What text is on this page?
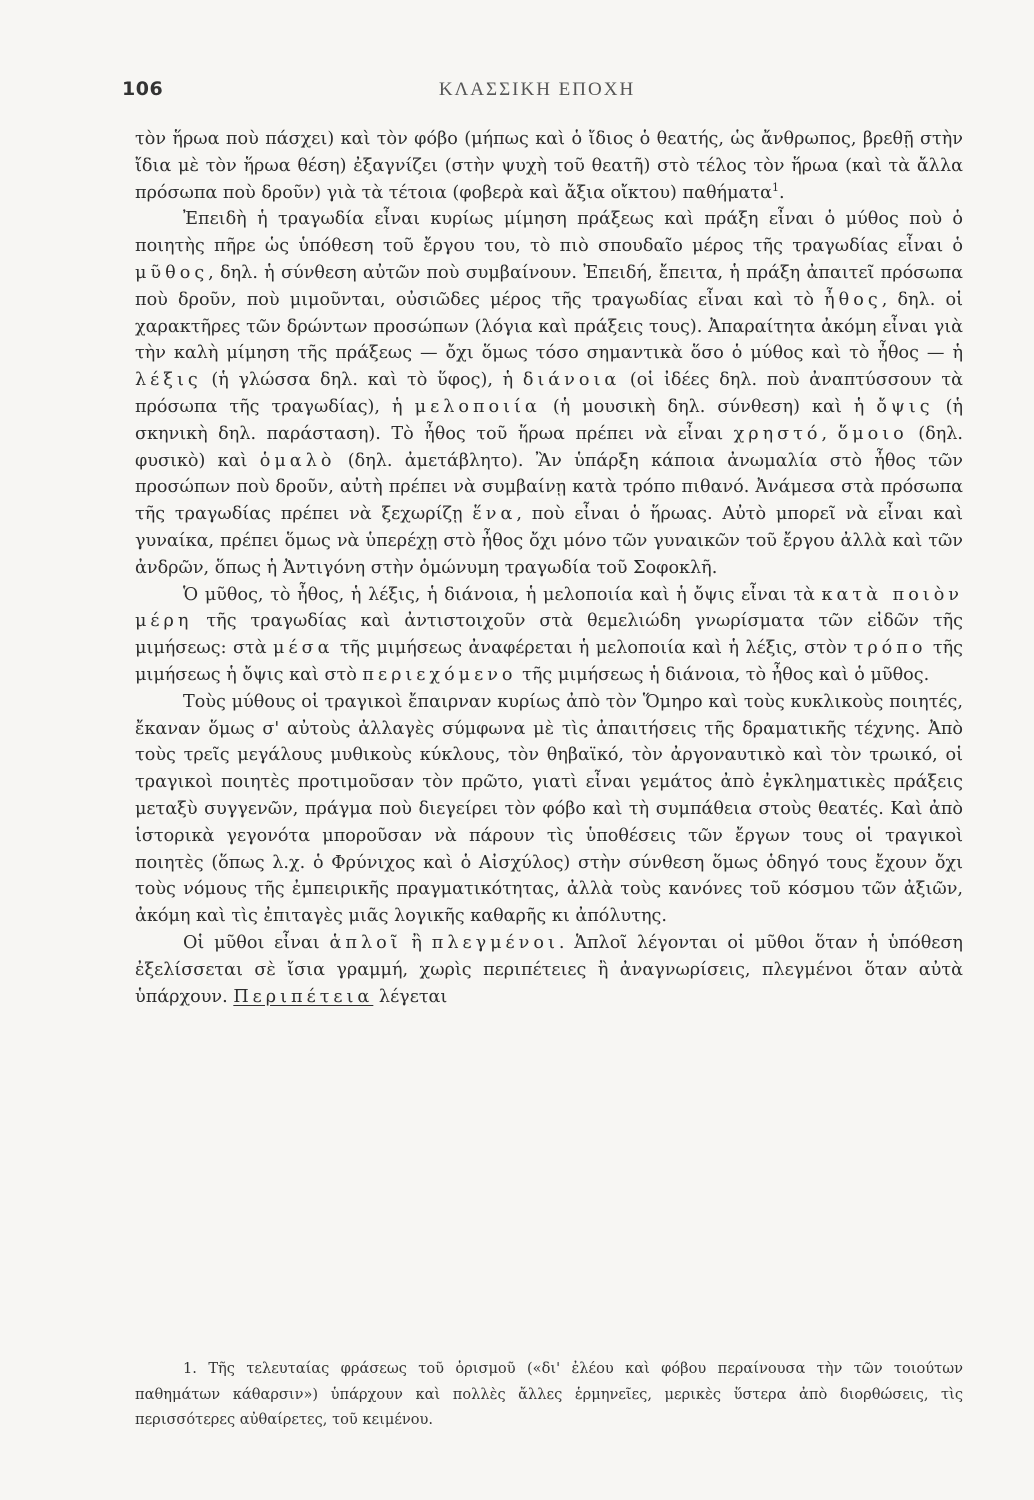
106	ΚΛΑΣΣΙΚΗ ΕΠΟΧΗ

τὸν ἥρωα ποὺ πάσχει) καὶ τὸν φόβο (μήπως καὶ ὁ ἴδιος ὁ θεατής, ὡς ἄνθρωπος, βρεθῇ στὴν ἴδια μὲ τὸν ἥρωα θέση) ἐξαγνίζει (στὴν ψυχὴ τοῦ θεατῆ) στὸ τέλος τὸν ἥρωα (καὶ τὰ ἄλλα πρόσωπα ποὺ δροῦν) γιὰ τὰ τέτοια (φοβερὰ καὶ ἄξια οἴκτου) παθήματα$^1$.

Ἐπειδὴ ἡ τραγωδία εἶναι κυρίως μίμηση πράξεως καὶ πράξη εἶναι ὁ μύθος ποὺ ὁ ποιητὴς πῆρε ὡς ὑπόθεση τοῦ ἔργου του, τὸ πιὸ σπουδαῖο μέρος τῆς τραγωδίας εἶναι ὁ μῦθος, δηλ. ἡ σύνθεση αὐτῶν ποὺ συμβαίνουν. Ἐπειδή, ἔπειτα, ἡ πράξη ἀπαιτεῖ πρόσωπα ποὺ δροῦν, ποὺ μιμοῦνται, οὐσιῶδες μέρος τῆς τραγωδίας εἶναι καὶ τὸ ἦθος, δηλ. οἱ χαρακτῆρες τῶν δρώντων προσώπων (λόγια καὶ πράξεις τους). Ἀπαραίτητα ἀκόμη εἶναι γιὰ τὴν καλὴ μίμηση τῆς πράξεως — ὄχι ὅμως τόσο σημαντικὰ ὅσο ὁ μύθος καὶ τὸ ἦθος — ἡ λέξις (ἡ γλώσσα δηλ. καὶ τὸ ὕφος), ἡ διάνοια (οἱ ἰδέες δηλ. ποὺ ἀναπτύσσουν τὰ πρόσωπα τῆς τραγωδίας), ἡ μελοποιία (ἡ μουσικὴ δηλ. σύνθεση) καὶ ἡ ὄψις (ἡ σκηνικὴ δηλ. παράσταση). Τὸ ἦθος τοῦ ἥρωα πρέπει νὰ εἶναι χρηστό, ὅμοιο (δηλ. φυσικὸ) καὶ ὁμαλὸ (δηλ. ἀμετάβλητο). Ἂν ὑπάρξη κάποια ἀνωμαλία στὸ ἦθος τῶν προσώπων ποὺ δροῦν, αὐτὴ πρέπει νὰ συμβαίνῃ κατὰ τρόπο πιθανό. Ἀνάμεσα στὰ πρόσωπα τῆς τραγωδίας πρέπει νὰ ξεχωρίζῃ ἕνα, ποὺ εἶναι ὁ ἥρωας. Αὐτὸ μπορεῖ νὰ εἶναι καὶ γυναίκα, πρέπει ὅμως νὰ ὑπερέχῃ στὸ ἦθος ὄχι μόνο τῶν γυναικῶν τοῦ ἔργου ἀλλὰ καὶ τῶν ἀνδρῶν, ὅπως ἡ Ἀντιγόνη στὴν ὁμώνυμη τραγωδία τοῦ Σοφοκλῆ.

Ὁ μῦθος, τὸ ἦθος, ἡ λέξις, ἡ διάνοια, ἡ μελοποιία καὶ ἡ ὄψις εἶναι τὰ κατὰ ποιὸν μέρη τῆς τραγωδίας καὶ ἀντιστοιχοῦν στὰ θεμελιώδη γνωρίσματα τῶν εἰδῶν τῆς μιμήσεως: στὰ μέσα τῆς μιμήσεως ἀναφέρεται ἡ μελοποιία καὶ ἡ λέξις, στὸν τρόπο τῆς μιμήσεως ἡ ὄψις καὶ στὸ περιεχόμενο τῆς μιμήσεως ἡ διάνοια, τὸ ἦθος καὶ ὁ μῦθος.

Τοὺς μύθους οἱ τραγικοὶ ἔπαιρναν κυρίως ἀπὸ τὸν Ὅμηρο καὶ τοὺς κυκλικοὺς ποιητές, ἔκαναν ὅμως σ' αὐτοὺς ἀλλαγὲς σύμφωνα μὲ τὶς ἀπαιτήσεις τῆς δραματικῆς τέχνης. Ἀπὸ τοὺς τρεῖς μεγάλους μυθικοὺς κύκλους, τὸν θηβαϊκό, τὸν ἀργοναυτικὸ καὶ τὸν τρωικό, οἱ τραγικοὶ ποιητὲς προτιμοῦσαν τὸν πρῶτο, γιατὶ εἶναι γεμάτος ἀπὸ ἐγκληματικὲς πράξεις μεταξὺ συγγενῶν, πράγμα ποὺ διεγείρει τὸν φόβο καὶ τὴ συμπάθεια στοὺς θεατές. Καὶ ἀπὸ ἱστορικὰ γεγονότα μποροῦσαν νὰ πάρουν τὶς ὑποθέσεις τῶν ἔργων τους οἱ τραγικοὶ ποιητὲς (ὅπως λ.χ. ὁ Φρύνιχος καὶ ὁ Αἰσχύλος) στὴν σύνθεση ὅμως ὁδηγό τους ἔχουν ὄχι τοὺς νόμους τῆς ἐμπειρικῆς πραγματικότητας, ἀλλὰ τοὺς κανόνες τοῦ κόσμου τῶν ἀξιῶν, ἀκόμη καὶ τὶς ἐπιταγὲς μιᾶς λογικῆς καθαρῆς κι ἀπόλυτης.

Οἱ μῦθοι εἶναι ἁπλοῖ ἢ πλεγμένοι. Ἁπλοῖ λέγονται οἱ μῦθοι ὅταν ἡ ὑπόθεση ἐξελίσσεται σὲ ἴσια γραμμή, χωρὶς περιπέτειες ἢ ἀναγνωρίσεις, πλεγμένοι ὅταν αὐτὰ ὑπάρχουν. Περιπέτεια λέγεται

1. Τῆς τελευταίας φράσεως τοῦ ὁρισμοῦ («δι' ἐλέου καὶ φόβου περαίνουσα τὴν τῶν τοιούτων παθημάτων κάθαρσιν») ὑπάρχουν καὶ πολλὲς ἄλλες ἑρμηνεῖες, μερικὲς ὕστερα ἀπὸ διορθώσεις, τὶς περισσότερες αὐθαίρετες, τοῦ κειμένου.
